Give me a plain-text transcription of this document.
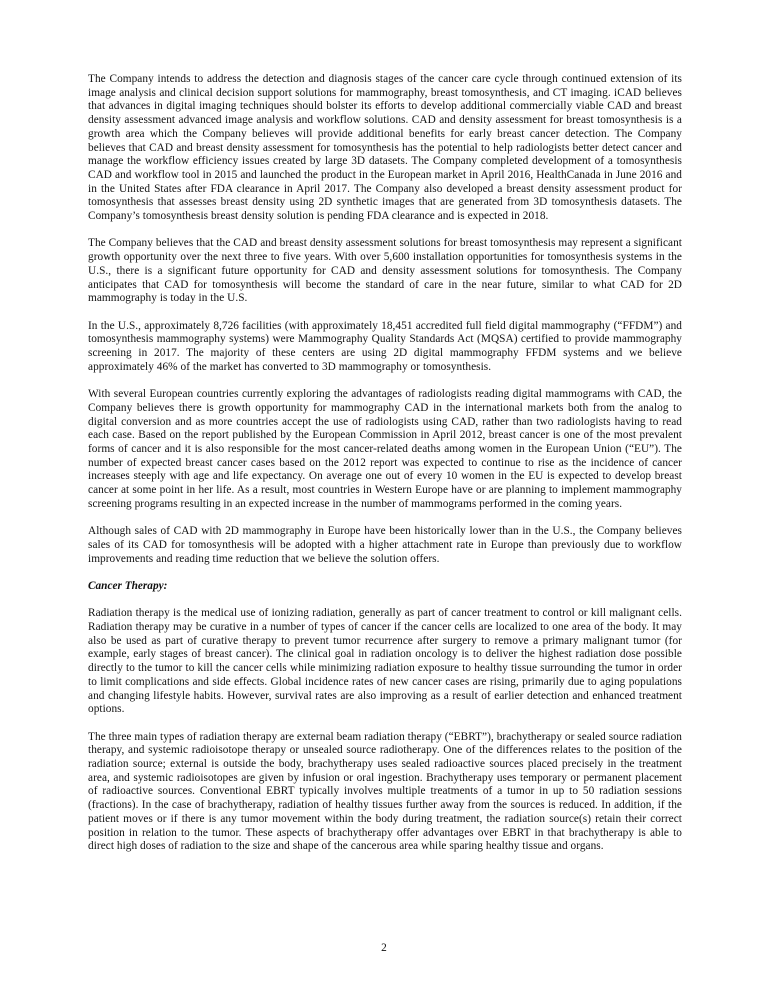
The Company intends to address the detection and diagnosis stages of the cancer care cycle through continued extension of its image analysis and clinical decision support solutions for mammography, breast tomosynthesis, and CT imaging. iCAD believes that advances in digital imaging techniques should bolster its efforts to develop additional commercially viable CAD and breast density assessment advanced image analysis and workflow solutions. CAD and density assessment for breast tomosynthesis is a growth area which the Company believes will provide additional benefits for early breast cancer detection. The Company believes that CAD and breast density assessment for tomosynthesis has the potential to help radiologists better detect cancer and manage the workflow efficiency issues created by large 3D datasets. The Company completed development of a tomosynthesis CAD and workflow tool in 2015 and launched the product in the European market in April 2016, HealthCanada in June 2016 and in the United States after FDA clearance in April 2017. The Company also developed a breast density assessment product for tomosynthesis that assesses breast density using 2D synthetic images that are generated from 3D tomosynthesis datasets. The Company’s tomosynthesis breast density solution is pending FDA clearance and is expected in 2018.

The Company believes that the CAD and breast density assessment solutions for breast tomosynthesis may represent a significant growth opportunity over the next three to five years. With over 5,600 installation opportunities for tomosynthesis systems in the U.S., there is a significant future opportunity for CAD and density assessment solutions for tomosynthesis. The Company anticipates that CAD for tomosynthesis will become the standard of care in the near future, similar to what CAD for 2D mammography is today in the U.S.

In the U.S., approximately 8,726 facilities (with approximately 18,451 accredited full field digital mammography (“FFDM”) and tomosynthesis mammography systems) were Mammography Quality Standards Act (MQSA) certified to provide mammography screening in 2017. The majority of these centers are using 2D digital mammography FFDM systems and we believe approximately 46% of the market has converted to 3D mammography or tomosynthesis.

With several European countries currently exploring the advantages of radiologists reading digital mammograms with CAD, the Company believes there is growth opportunity for mammography CAD in the international markets both from the analog to digital conversion and as more countries accept the use of radiologists using CAD, rather than two radiologists having to read each case. Based on the report published by the European Commission in April 2012, breast cancer is one of the most prevalent forms of cancer and it is also responsible for the most cancer-related deaths among women in the European Union (“EU”). The number of expected breast cancer cases based on the 2012 report was expected to continue to rise as the incidence of cancer increases steeply with age and life expectancy. On average one out of every 10 women in the EU is expected to develop breast cancer at some point in her life. As a result, most countries in Western Europe have or are planning to implement mammography screening programs resulting in an expected increase in the number of mammograms performed in the coming years.

Although sales of CAD with 2D mammography in Europe have been historically lower than in the U.S., the Company believes sales of its CAD for tomosynthesis will be adopted with a higher attachment rate in Europe than previously due to workflow improvements and reading time reduction that we believe the solution offers.

Cancer Therapy:

Radiation therapy is the medical use of ionizing radiation, generally as part of cancer treatment to control or kill malignant cells. Radiation therapy may be curative in a number of types of cancer if the cancer cells are localized to one area of the body. It may also be used as part of curative therapy to prevent tumor recurrence after surgery to remove a primary malignant tumor (for example, early stages of breast cancer). The clinical goal in radiation oncology is to deliver the highest radiation dose possible directly to the tumor to kill the cancer cells while minimizing radiation exposure to healthy tissue surrounding the tumor in order to limit complications and side effects. Global incidence rates of new cancer cases are rising, primarily due to aging populations and changing lifestyle habits. However, survival rates are also improving as a result of earlier detection and enhanced treatment options.

The three main types of radiation therapy are external beam radiation therapy (“EBRT”), brachytherapy or sealed source radiation therapy, and systemic radioisotope therapy or unsealed source radiotherapy. One of the differences relates to the position of the radiation source; external is outside the body, brachytherapy uses sealed radioactive sources placed precisely in the treatment area, and systemic radioisotopes are given by infusion or oral ingestion. Brachytherapy uses temporary or permanent placement of radioactive sources. Conventional EBRT typically involves multiple treatments of a tumor in up to 50 radiation sessions (fractions). In the case of brachytherapy, radiation of healthy tissues further away from the sources is reduced. In addition, if the patient moves or if there is any tumor movement within the body during treatment, the radiation source(s) retain their correct position in relation to the tumor. These aspects of brachytherapy offer advantages over EBRT in that brachytherapy is able to direct high doses of radiation to the size and shape of the cancerous area while sparing healthy tissue and organs.

2
